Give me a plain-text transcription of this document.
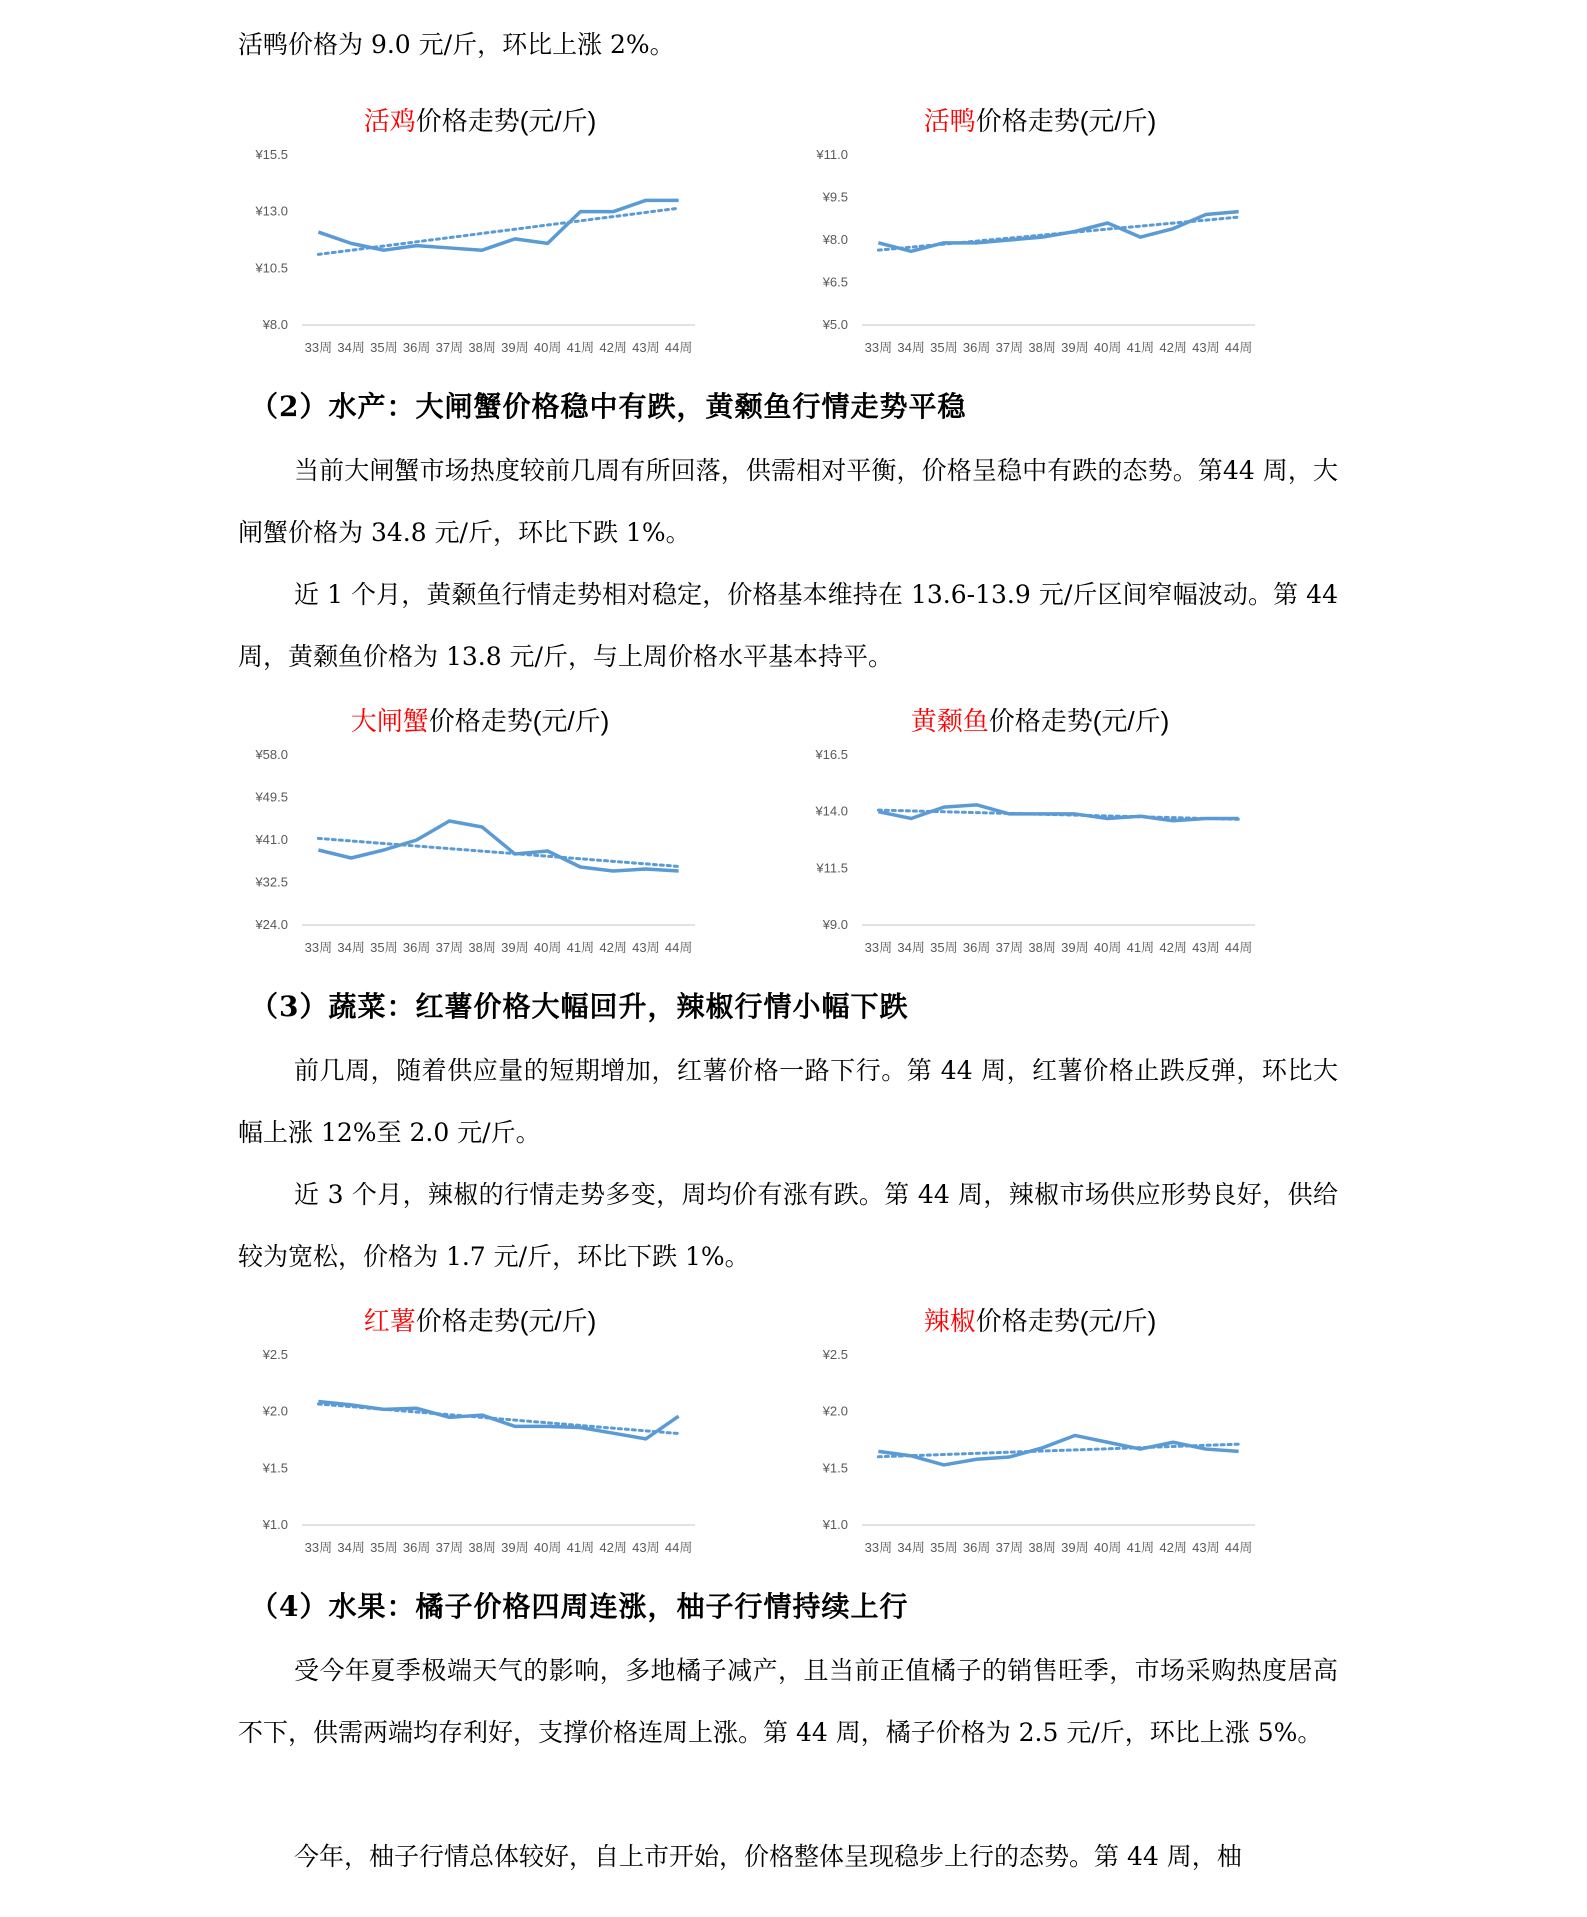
活鸭价格为 9.0 元/斤，环比上涨 2%。
活鸡价格走势(元/斤)
¥8.0
¥10.5
¥13.0
¥15.5
33周 34周 35周 36周 37周 38周 39周 40周 41周 42周 43周 44周
活鸭价格走势(元/斤)
¥5.0
¥6.5
¥8.0
¥9.5
¥11.0
33周 34周 35周 36周 37周 38周 39周 40周 41周 42周 43周 44周
（2）水产：大闸蟹价格稳中有跌，黄颡鱼行情走势平稳
当前大闸蟹市场热度较前几周有所回落，供需相对平衡，价格呈稳中有跌的态势。第44 周，大闸蟹价格为 34.8 元/斤，环比下跌 1%。
近 1 个月，黄颡鱼行情走势相对稳定，价格基本维持在 13.6-13.9 元/斤区间窄幅波动。第 44 周，黄颡鱼价格为 13.8 元/斤，与上周价格水平基本持平。
大闸蟹价格走势(元/斤)
¥24.0
¥32.5
¥41.0
¥49.5
¥58.0
33周 34周 35周 36周 37周 38周 39周 40周 41周 42周 43周 44周
黄颡鱼价格走势(元/斤)
¥9.0
¥11.5
¥14.0
¥16.5
33周 34周 35周 36周 37周 38周 39周 40周 41周 42周 43周 44周
（3）蔬菜：红薯价格大幅回升，辣椒行情小幅下跌
前几周，随着供应量的短期增加，红薯价格一路下行。第 44 周，红薯价格止跌反弹，环比大幅上涨 12%至 2.0 元/斤。
近 3 个月，辣椒的行情走势多变，周均价有涨有跌。第 44 周，辣椒市场供应形势良好，供给较为宽松，价格为 1.7 元/斤，环比下跌 1%。
红薯价格走势(元/斤)
¥1.0
¥1.5
¥2.0
¥2.5
33周 34周 35周 36周 37周 38周 39周 40周 41周 42周 43周 44周
辣椒价格走势(元/斤)
¥1.0
¥1.5
¥2.0
¥2.5
33周 34周 35周 36周 37周 38周 39周 40周 41周 42周 43周 44周
（4）水果：橘子价格四周连涨，柚子行情持续上行
受今年夏季极端天气的影响，多地橘子减产，且当前正值橘子的销售旺季，市场采购热度居高不下，供需两端均存利好，支撑价格连周上涨。第 44 周，橘子价格为 2.5 元/斤，环比上涨 5%。
今年，柚子行情总体较好，自上市开始，价格整体呈现稳步上行的态势。第 44 周，柚
